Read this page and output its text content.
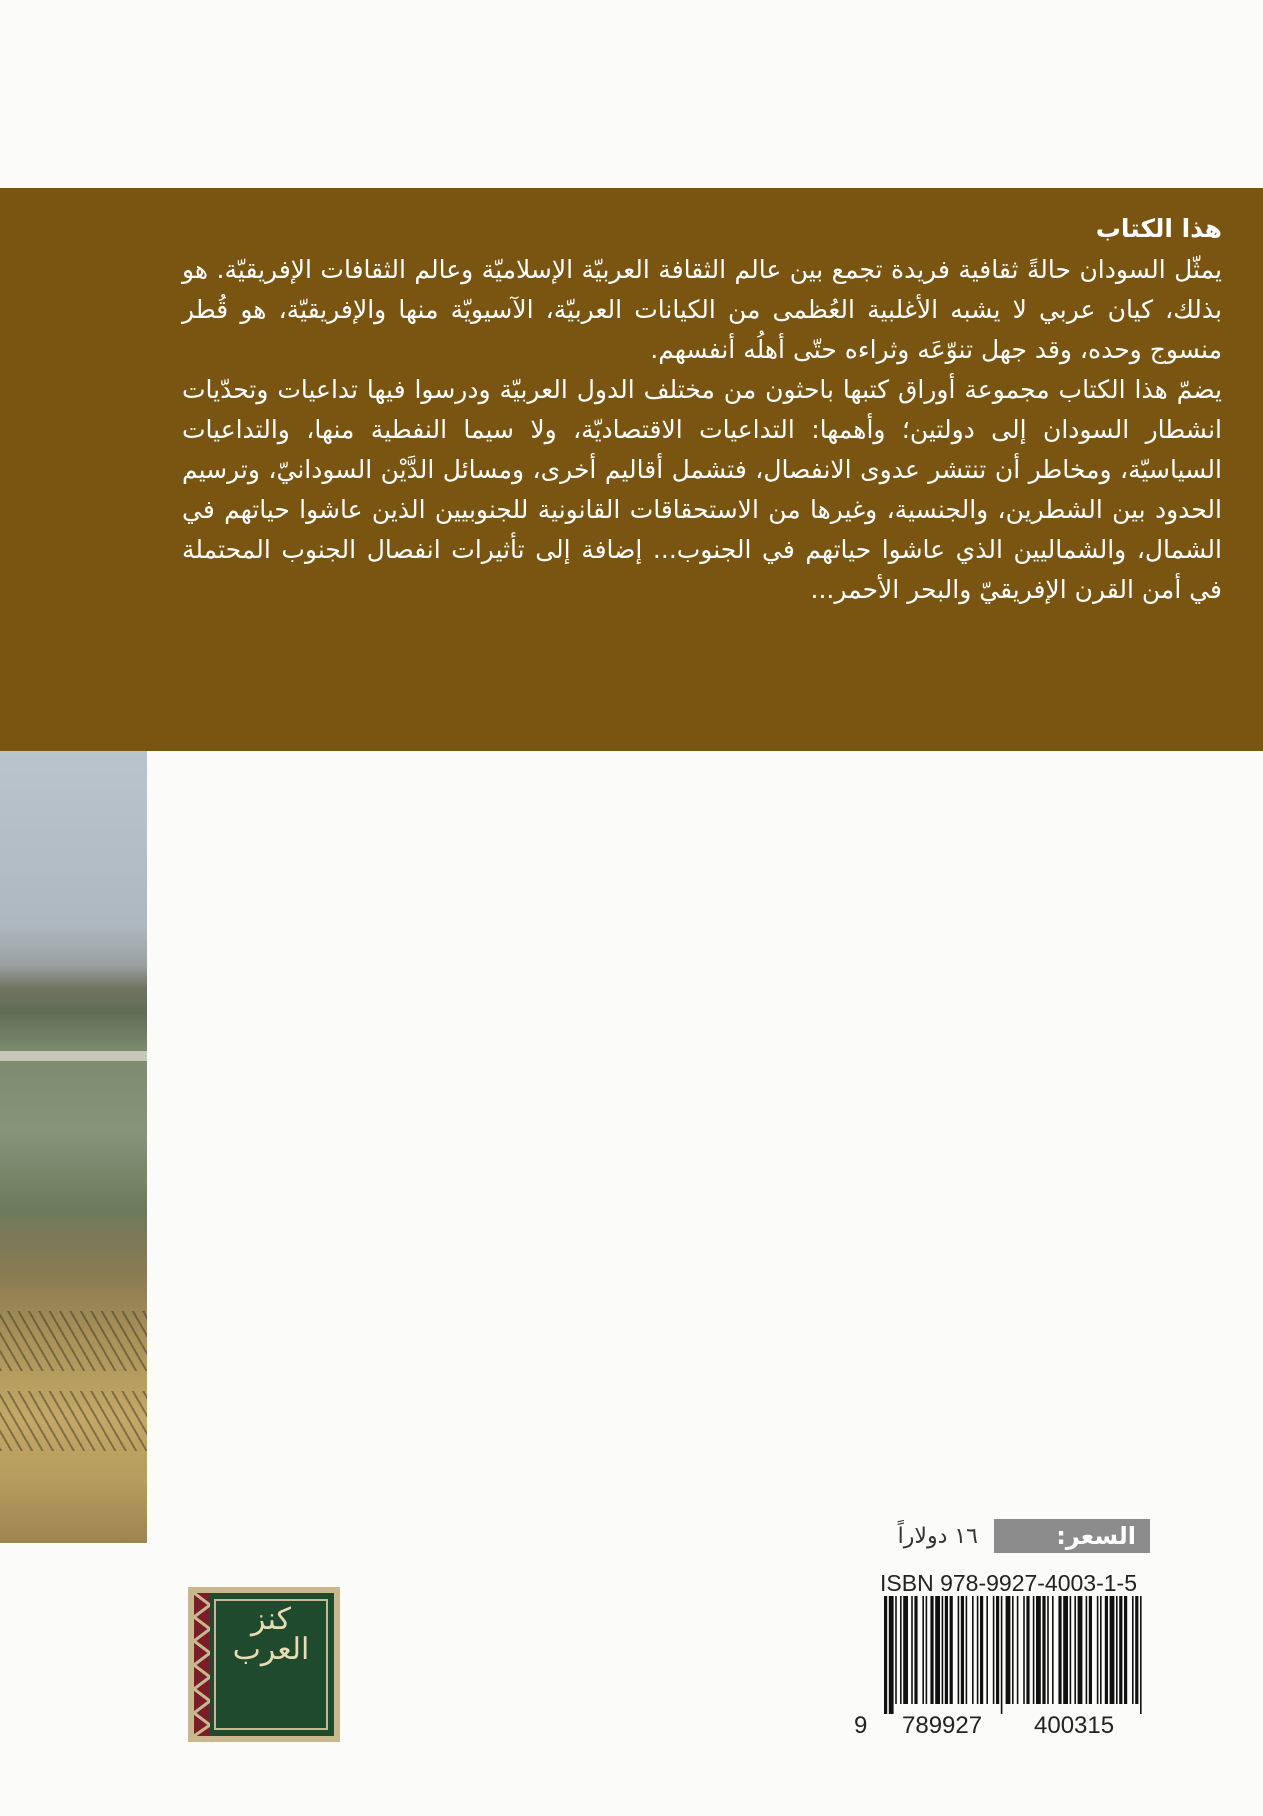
هذا الكتاب

يمثّل السودان حالةً ثقافية فريدة تجمع بين عالم الثقافة العربيّة الإسلاميّة وعالم الثقافات الإفريقيّة. هو بذلك، كيان عربي لا يشبه الأغلبية العُظمى من الكيانات العربيّة، الآسيويّة منها والإفريقيّة، هو قُطر منسوج وحده، وقد جهل تنوّعَه وثراءه حتّى أهلُه أنفسهم.

يضمّ هذا الكتاب مجموعة أوراق كتبها باحثون من مختلف الدول العربيّة ودرسوا فيها تداعيات وتحدّيات انشطار السودان إلى دولتين؛ وأهمها: التداعيات الاقتصاديّة، ولا سيما النفطية منها، والتداعيات السياسيّة، ومخاطر أن تنتشر عدوى الانفصال، فتشمل أقاليم أخرى، ومسائل الدَّيْن السودانيّ، وترسيم الحدود بين الشطرين، والجنسية، وغيرها من الاستحقاقات القانونية للجنوبيين الذين عاشوا حياتهم في الشمال، والشماليين الذي عاشوا حياتهم في الجنوب... إضافة إلى تأثيرات انفصال الجنوب المحتملة في أمن القرن الإفريقيّ والبحر الأحمر...

السعر:
١٦ دولاراً
ISBN 978-9927-4003-1-5
9 789927 400315
كنز العرب
